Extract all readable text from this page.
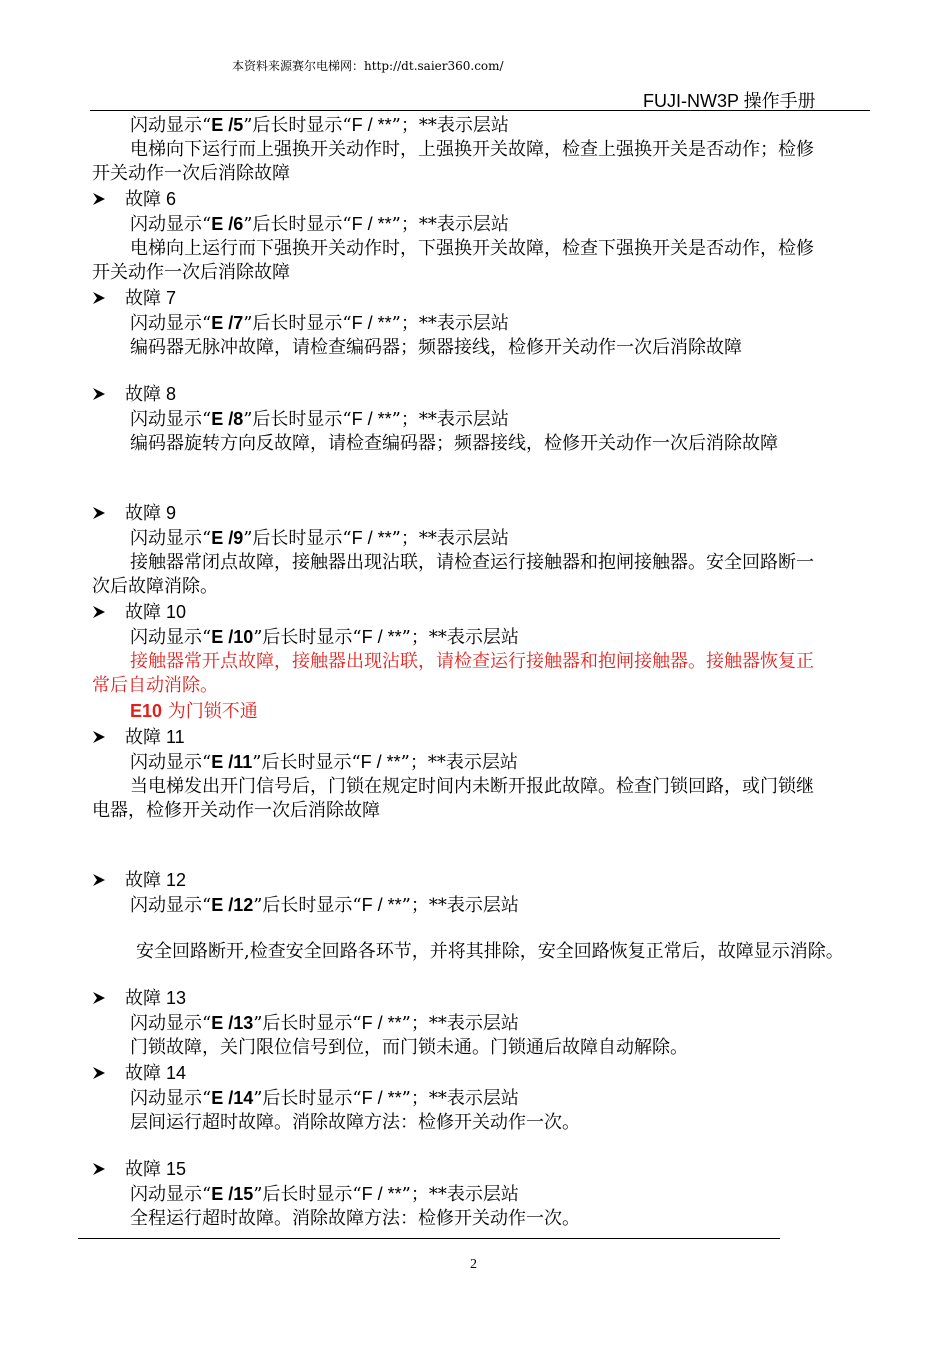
本资料来源赛尔电梯网：http://dt.saier360.com/
FUJI-NW3P 操作手册
闪动显示“E /5”后长时显示“F / **”；**表示层站
电梯向下运行而上强换开关动作时，上强换开关故障，检查上强换开关是否动作；检修
开关动作一次后消除故障
故障 6
闪动显示“E /6”后长时显示“F / **”；**表示层站
电梯向上运行而下强换开关动作时，下强换开关故障，检查下强换开关是否动作，检修
开关动作一次后消除故障
故障 7
闪动显示“E /7”后长时显示“F / **”；**表示层站
编码器无脉冲故障，请检查编码器；频器接线，检修开关动作一次后消除故障
故障 8
闪动显示“E /8”后长时显示“F / **”；**表示层站
编码器旋转方向反故障，请检查编码器；频器接线，检修开关动作一次后消除故障
故障 9
闪动显示“E /9”后长时显示“F / **”；**表示层站
接触器常闭点故障，接触器出现沾联，请检查运行接触器和抱闸接触器。安全回路断一
次后故障消除。
故障 10
闪动显示“E /10”后长时显示“F / **”；**表示层站
接触器常开点故障，接触器出现沾联，请检查运行接触器和抱闸接触器。接触器恢复正
常后自动消除。
E10 为门锁不通
故障 11
闪动显示“E /11”后长时显示“F / **”；**表示层站
当电梯发出开门信号后，门锁在规定时间内未断开报此故障。检查门锁回路，或门锁继
电器，检修开关动作一次后消除故障
故障 12
闪动显示“E /12”后长时显示“F / **”；**表示层站
安全回路断开,检查安全回路各环节，并将其排除，安全回路恢复正常后，故障显示消除。
故障 13
闪动显示“E /13”后长时显示“F / **”；**表示层站
门锁故障，关门限位信号到位，而门锁未通。门锁通后故障自动解除。
故障 14
闪动显示“E /14”后长时显示“F / **”；**表示层站
层间运行超时故障。消除故障方法：检修开关动作一次。
故障 15
闪动显示“E /15”后长时显示“F / **”；**表示层站
全程运行超时故障。消除故障方法：检修开关动作一次。
2
